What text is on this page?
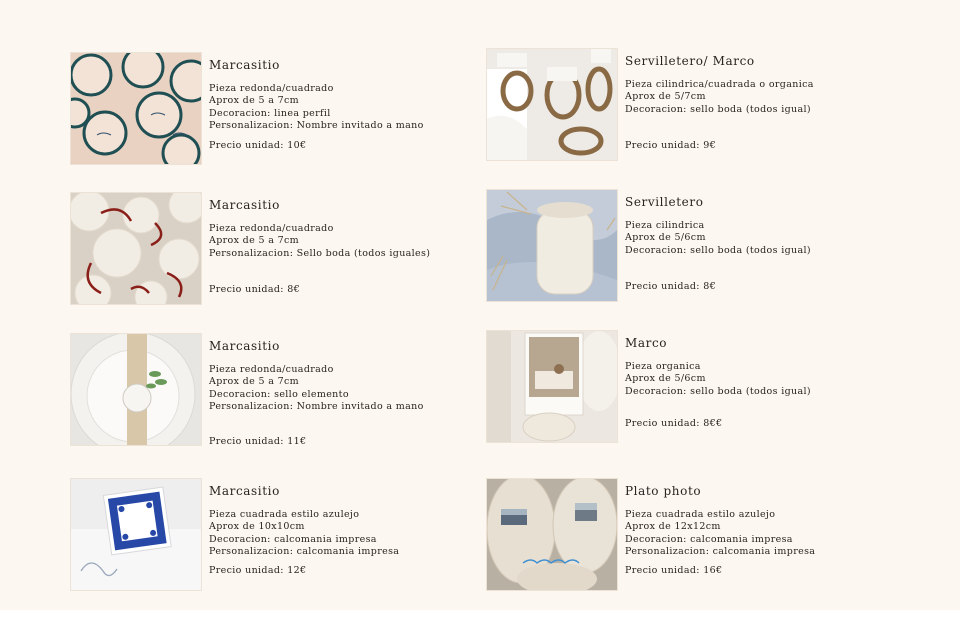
Marcasitio

Pieza redonda/cuadrado
Aprox de 5 a 7cm
Decoracion: linea perfil
Personalizacion: Nombre invitado a mano
Precio unidad: 10€

Servilletero/ Marco

Pieza cilindrica/cuadrada o organica
Aprox de 5/7cm
Decoracion: sello boda (todos igual)
Precio unidad: 9€

Marcasitio

Pieza redonda/cuadrado
Aprox de 5 a 7cm
Personalizacion: Sello boda (todos iguales)
Precio unidad: 8€

Servilletero

Pieza cilindrica
Aprox de 5/6cm
Decoracion: sello boda (todos igual)
Precio unidad: 8€

Marcasitio

Pieza redonda/cuadrado
Aprox de 5 a 7cm
Decoracion: sello elemento
Personalizacion: Nombre invitado a mano
Precio unidad: 11€

Marco

Pieza organica
Aprox de 5/6cm
Decoracion: sello boda (todos igual)
Precio unidad: 8€€

Marcasitio

Pieza cuadrada estilo azulejo
Aprox de 10x10cm
Decoracion: calcomania impresa
Personalizacion: calcomania impresa
Precio unidad: 12€

Plato photo

Pieza cuadrada estilo azulejo
Aprox de 12x12cm
Decoracion: calcomania impresa
Personalizacion: calcomania impresa
Precio unidad: 16€
